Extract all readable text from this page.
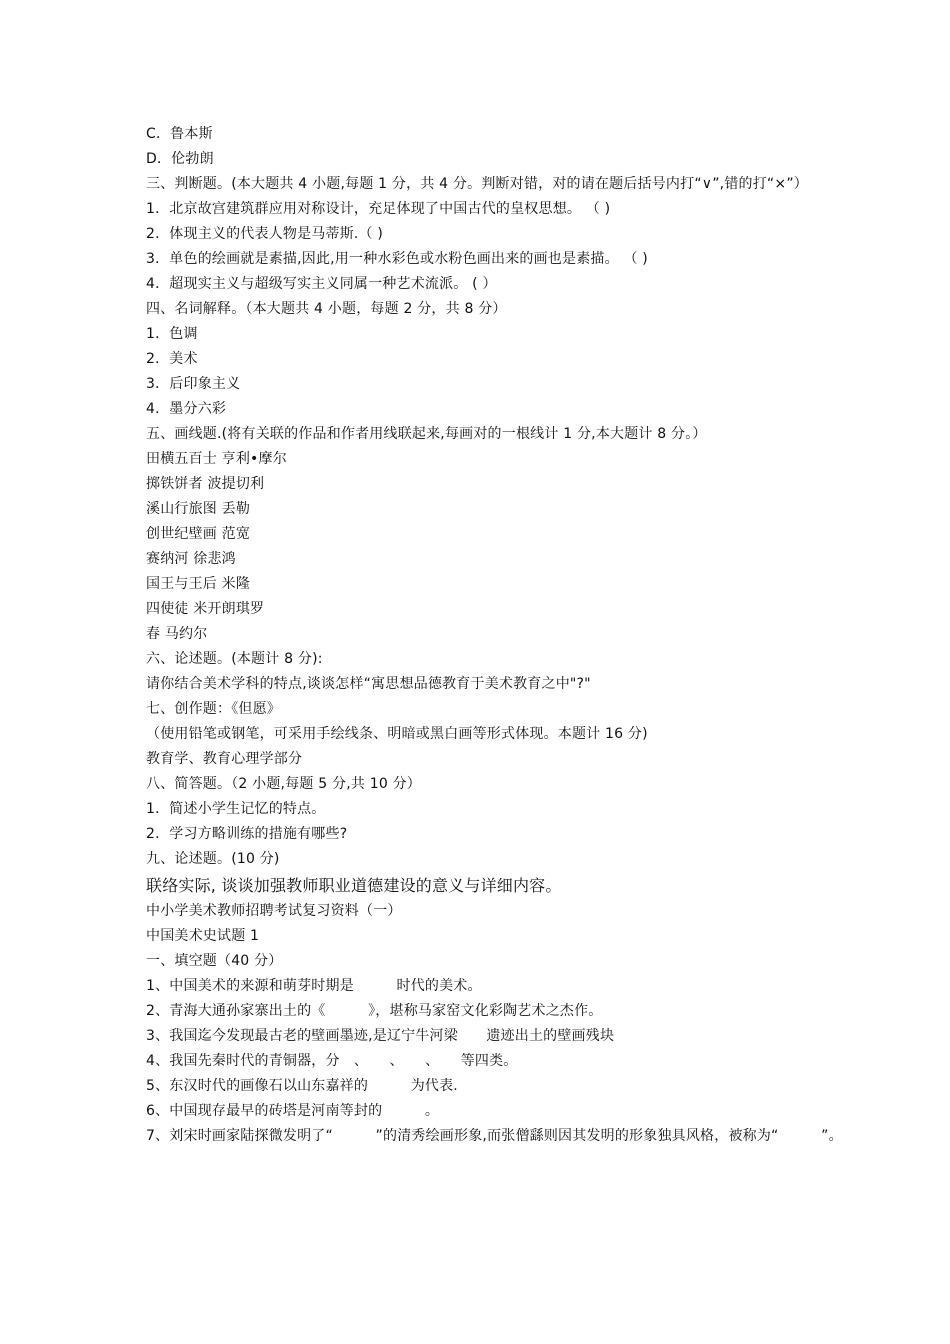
C．鲁本斯
D．伦勃朗
三、判断题。(本大题共 4 小题,每题 1 分，共 4 分。判断对错，对的请在题后括号内打“∨”,错的打“×”）
1．北京故宫建筑群应用对称设计，充足体现了中国古代的皇权思想。 （ )
2．体现主义的代表人物是马蒂斯.（ )
3．单色的绘画就是素描,因此,用一种水彩色或水粉色画出来的画也是素描。 （ )
4．超现实主义与超级写实主义同属一种艺术流派。 ( ）
四、名词解释。（本大题共 4 小题，每题 2 分，共 8 分）
1．色调
2．美术
3．后印象主义
4．墨分六彩
五、画线题.(将有关联的作品和作者用线联起来,每画对的一根线计 1 分,本大题计 8 分。）
田横五百士 亨利•摩尔
掷铁饼者 波提切利
溪山行旅图 丢勒
创世纪壁画 范宽
赛纳河 徐悲鸿
国王与王后 米隆
四使徒 米开朗琪罗
春 马约尔
六、论述题。(本题计 8 分):
请你结合美术学科的特点,谈谈怎样“寓思想品德教育于美术教育之中"?"
七、创作题：《但愿》
（使用铅笔或钢笔，可采用手绘线条、明暗或黑白画等形式体现。本题计 16 分)
教育学、教育心理学部分
八、简答题。（2 小题,每题 5 分,共 10 分）
1．简述小学生记忆的特点。
2．学习方略训练的措施有哪些?
九、论述题。(10 分)
联络实际, 谈谈加强教师职业道德建设的意义与详细内容。
中小学美术教师招聘考试复习资料（一）
中国美术史试题 1
一、填空题（40 分）
1、中国美术的来源和萌芽时期是　　　时代的美术。
2、青海大通孙家寨出土的《　　　》，堪称马家窑文化彩陶艺术之杰作。
3、我国迄今发现最古老的壁画墨迹,是辽宁牛河梁　　遗迹出土的壁画残块
4、我国先秦时代的青铜器，分　、　　、　　、　　等四类。
5、东汉时代的画像石以山东嘉祥的　　　为代表.
6、中国现存最早的砖塔是河南等封的　　　。
7、刘宋时画家陆探微发明了“　　　”的清秀绘画形象,而张僧繇则因其发明的形象独具风格，被称为“　　　”。
